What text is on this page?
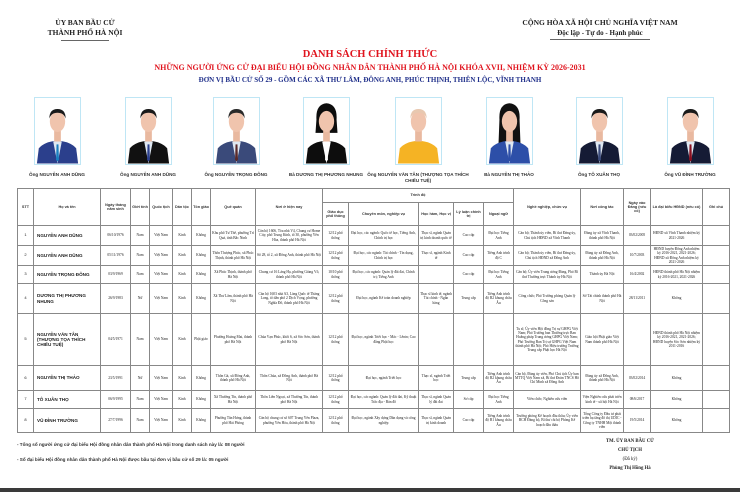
ỦY BAN BẦU CỬ
THÀNH PHỐ HÀ NỘI
CỘNG HÒA XÃ HỘI CHỦ NGHĨA VIỆT NAM
Độc lập - Tự do - Hạnh phúc
DANH SÁCH CHÍNH THỨC
NHỮNG NGƯỜI ỨNG CỬ ĐẠI BIỂU HỘI ĐỒNG NHÂN DÂN THÀNH PHỐ HÀ NỘI KHÓA XVII, NHIỆM KỲ 2026-2031
ĐƠN VỊ BẦU CỬ SỐ 29 - GỒM CÁC XÃ THƯ LÂM, ĐÔNG ANH, PHÚC THỊNH, THIÊN LỘC, VĨNH THANH
Ông NGUYỄN ANH DŨNG	Ông NGUYỄN ANH DŨNG	Ông NGUYỄN TRỌNG ĐÔNG	Bà DƯƠNG THỊ PHƯƠNG NHUNG Ông NGUYỄN VĂN TÂN (THƯỢNG TỌA THÍCH CHIẾU TUỆ)
Bà NGUYỄN THỊ THẢO	Ông TÔ XUÂN THỌ	Ông VŨ ĐÌNH TRƯỜNG
STT	Họ và tên	Ngày tháng năm sinh	Giới tính	Quốc tịch	Dân tộc	Tôn giáo	Quê quán	Nơi ở hiện nay	Trình độ					Nghề nghiệp, chức vụ	Nơi công tác	Ngày vào Đảng (nếu có)	Là đại biểu HĐND (nếu có)	Ghi chú
									Giáo dục phổ thông	Chuyên môn, nghiệp vụ	Học hàm, Học vị	Lý luận chính trị	Ngoại ngữ					
1	NGUYỄN ANH DŨNG	06/10/1976	Nam	Việt Nam	Kinh	Không	Khu phố Tư Thế, phường Trí Quả, tỉnh Bắc Ninh	Căn hộ 1606, Tòa nhà V4, Chung cư Home City, phố Trung Kính, tổ 30, phường Yên Hòa, thành phố Hà Nội	12/12 phổ thông	Đại học, các ngành: Quốc tế học, Tiếng Anh, Chính trị học	Thạc sĩ, ngành Quản trị kinh doanh quốc tế	Cao cấp	Đại học Tiếng Anh	Cán bộ; Thành ủy viên, Bí thư Đảng ủy, Chủ tịch HĐND xã Vĩnh Thanh	Đảng ủy xã Vĩnh Thanh, thành phố Hà Nội	03/02/2005	HĐND xã Vĩnh Thanh nhiệm kỳ 2021-2026	
2	NGUYỄN ANH DŨNG	05/11/1976	Nam	Việt Nam	Kinh	Không	Thôn Thượng Phúc, xã Phúc Thịnh, thành phố Hà Nội	Số 28, tổ 2, xã Đông Anh, thành phố Hà Nội	12/12 phổ thông	Đại học, các ngành: Tài chính - Tín dụng, Chính trị học	Thạc sĩ, ngành Kinh tế	Cao cấp	Tiếng Anh trình độ C	Cán bộ; Thành ủy viên, Bí thư Đảng ủy, Chủ tịch HĐND xã Đông Anh	Đảng ủy xã Đông Anh, thành phố Hà Nội	10/7/2003	HĐND huyện Đông Anh nhiệm kỳ 2016-2021, 2021-2026; HĐND xã Đông Anh nhiệm kỳ 2021-2026	
3	NGUYỄN TRỌNG ĐÔNG	03/9/1969	Nam	Việt Nam	Kinh	Không	Xã Phúc Thịnh, thành phố Hà Nội	Chung cư 16 Láng Hạ, phường Giảng Võ, thành phố Hà Nội	10/10 phổ thông	Đại học, các ngành: Quản lý đất đai, Chính trị; Tiếng Anh		Cao cấp	Đại học Tiếng Anh	Cán bộ; Ủy viên Trung ương Đảng, Phó Bí thư Thường trực Thành ủy Hà Nội	Thành ủy Hà Nội	16/4/2002	HĐND thành phố Hà Nội nhiệm kỳ 2016-2021, 2021-2026	
4	DƯƠNG THỊ PHƯƠNG NHUNG	26/9/1983	Nữ	Việt Nam	Kinh	Không	Xã Thư Lâm, thành phố Hà Nội	Căn hộ 1603 nhà A3, Làng Quốc tế Thăng Long, tổ dân phố 2 Dịch Vọng, phường Nghĩa Đô, thành phố Hà Nội	12/12 phổ thông	Đại học, ngành Kế toán doanh nghiệp	Thạc sĩ kinh tế, ngành Tài chính - Ngân hàng	Trung cấp	Tiếng Anh trình độ B2 khung châu Âu	Công chức; Phó Trưởng phòng Quản lý Công sản	Sở Tài chính thành phố Hà Nội	28/11/2011	Không	
5	NGUYỄN VĂN TÂN (THƯỢNG TỌA THÍCH CHIẾU TUỆ)	04/5/1971	Nam	Việt Nam	Kinh	Phật giáo	Phường Hoàng Mai, thành phố Hà Nội	Chùa Vạn Phúc, khối 6, xã Sóc Sơn, thành phố Hà Nội	12/12 phổ thông	Đại học, ngành Triết học - Mác - Lênin; Cao đẳng Phật học				Tu sĩ; Ủy viên Hội đồng Trị sự GHPG Việt Nam; Phó Trưởng ban Thường trực Ban Hoằng pháp Trung ương GHPG Việt Nam; Phó Trưởng Ban Trị sự GHPG Việt Nam thành phố Hà Nội; Phó Hiệu trưởng Trường Trung cấp Phật học Hà Nội	Giáo hội Phật giáo Việt Nam thành phố Hà Nội		HĐND thành phố Hà Nội nhiệm kỳ 2016-2021, 2021-2026; HĐND huyện Sóc Sơn nhiệm kỳ 2011-2016	
6	NGUYỄN THỊ THẢO	23/5/1991	Nữ	Việt Nam	Kinh	Không	Thôn Gà, xã Đông Anh, thành phố Hà Nội	Thôn Chùa, xã Đông Anh, thành phố Hà Nội	12/12 phổ thông	Đại học, ngành Triết học	Thạc sĩ, ngành Triết học	Trung cấp	Tiếng Anh trình độ B2 khung châu Âu	Cán bộ, Đảng ủy viên, Phó Chủ tịch Ủy ban MTTQ Việt Nam xã, Bí thư Đoàn TNCS Hồ Chí Minh xã Đông Anh	Đảng ủy xã Đông Anh, thành phố Hà Nội	03/02/2014	Không	
7	TÔ XUÂN THỌ	06/9/1995	Nam	Việt Nam	Kinh	Không	Xã Thường Tín, thành phố Hà Nội	Thôn Liên Ngoại, xã Thường Tín, thành phố Hà Nội	12/12 phổ thông	Đại học, các ngành: Quản lý đất đai, Kỹ thuật Trắc địa - Bản đồ	Thạc sĩ, ngành Quản lý đất đai	Sơ cấp	Đại học Tiếng Anh	Viên chức; Nghiên cứu viên	Viện Nghiên cứu phát triển kinh tế - xã hội Hà Nội	08/6/2017	Không	
8	VŨ ĐÌNH TRƯỜNG	27/7/1996	Nam	Việt Nam	Kinh	Không	Phường Tân Hưng, thành phố Hải Phòng	Căn hộ chung cư số 607 Trung Yên Plaza, phường Yên Hòa, thành phố Hà Nội	12/12 phổ thông	Đại học, ngành Xây dựng Dân dụng và công nghiệp	Thạc sĩ, ngành Quản trị kinh doanh	Cao cấp	Tiếng Anh trình độ B1 khung châu Âu	Trưởng phòng Kế hoạch đầu thầu; Ủy viên BCH Đảng bộ, Bí thư chi bộ Phòng Kế hoạch đầu thầu	Tổng Công ty Đầu tư phát triển hạ tầng đô thị UDIC - Công ty TNHH Một thành viên	19/5/2014	Không	
- Tổng số người ứng cử đại biểu Hội đồng nhân dân thành phố Hà Nội trong danh sách này là: 08 người
- Số đại biểu Hội đồng nhân dân thành phố Hà Nội được bầu tại đơn vị bầu cử số 29 là: 05 người
TM. ỦY BAN BẦU CỬ
CHỦ TỊCH
(Đã ký)
Phùng Thị Hồng Hà
